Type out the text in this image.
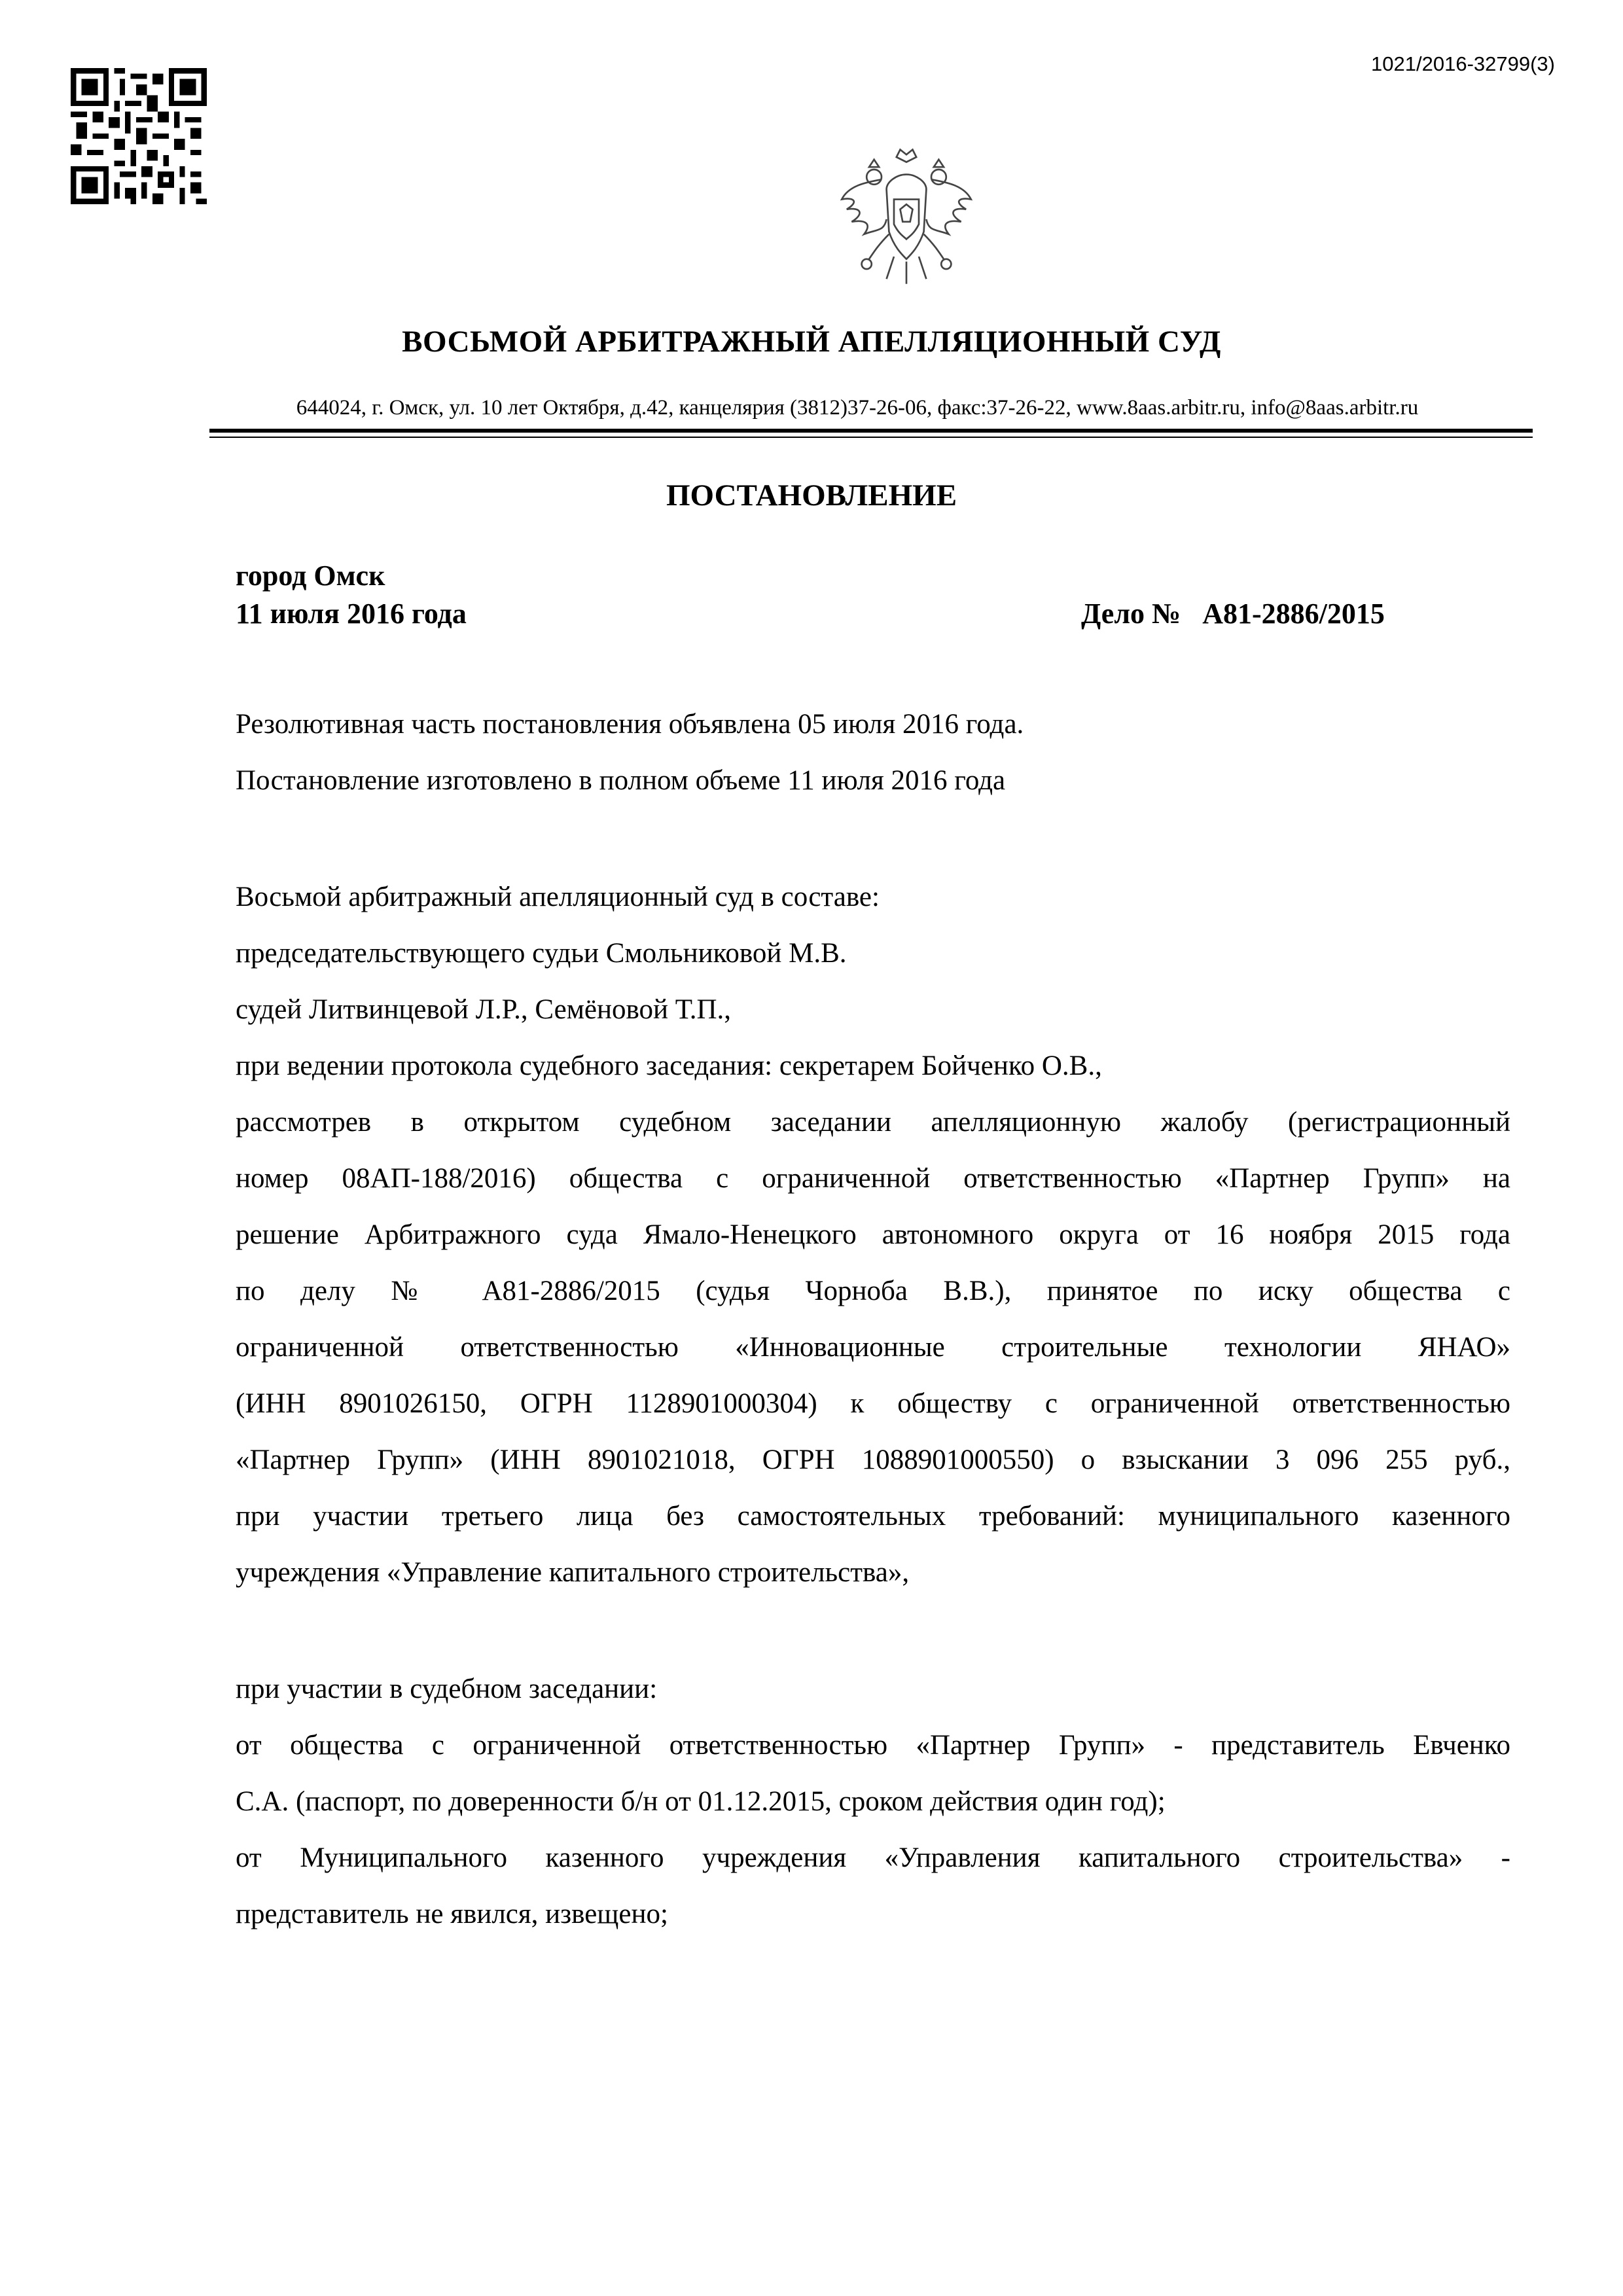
1021/2016-32799(3)
ВОСЬМОЙ АРБИТРАЖНЫЙ АПЕЛЛЯЦИОННЫЙ СУД
644024, г. Омск, ул. 10 лет Октября, д.42, канцелярия (3812)37-26-06, факс:37-26-22, www.8aas.arbitr.ru, info@8aas.arbitr.ru
ПОСТАНОВЛЕНИЕ
город Омск
11 июля 2016 года	Дело №   А81-2886/2015
Резолютивная часть постановления объявлена 05 июля 2016 года.
Постановление изготовлено в полном объеме 11 июля 2016 года
Восьмой арбитражный апелляционный суд в составе:
председательствующего судьи Смольниковой М.В.
судей Литвинцевой Л.Р., Семёновой Т.П.,
при ведении протокола судебного заседания: секретарем Бойченко О.В.,
рассмотрев в открытом судебном заседании апелляционную жалобу (регистрационный
номер 08АП-188/2016) общества с ограниченной ответственностью «Партнер Групп» на
решение Арбитражного суда Ямало-Ненецкого автономного округа от 16 ноября 2015 года
по делу № А81-2886/2015 (судья Чорноба В.В.), принятое по иску общества с
ограниченной ответственностью «Инновационные строительные технологии ЯНАО»
(ИНН 8901026150, ОГРН 1128901000304) к обществу с ограниченной ответственностью
«Партнер Групп» (ИНН 8901021018, ОГРН 1088901000550) о взыскании 3 096 255 руб.,
при участии третьего лица без самостоятельных требований: муниципального казенного
учреждения «Управление капитального строительства»,
при участии в судебном заседании:
от общества с ограниченной ответственностью «Партнер Групп» - представитель Евченко
С.А. (паспорт, по доверенности б/н от 01.12.2015, сроком действия один год);
от Муниципального казенного учреждения «Управления капитального строительства» -
представитель не явился, извещено;
